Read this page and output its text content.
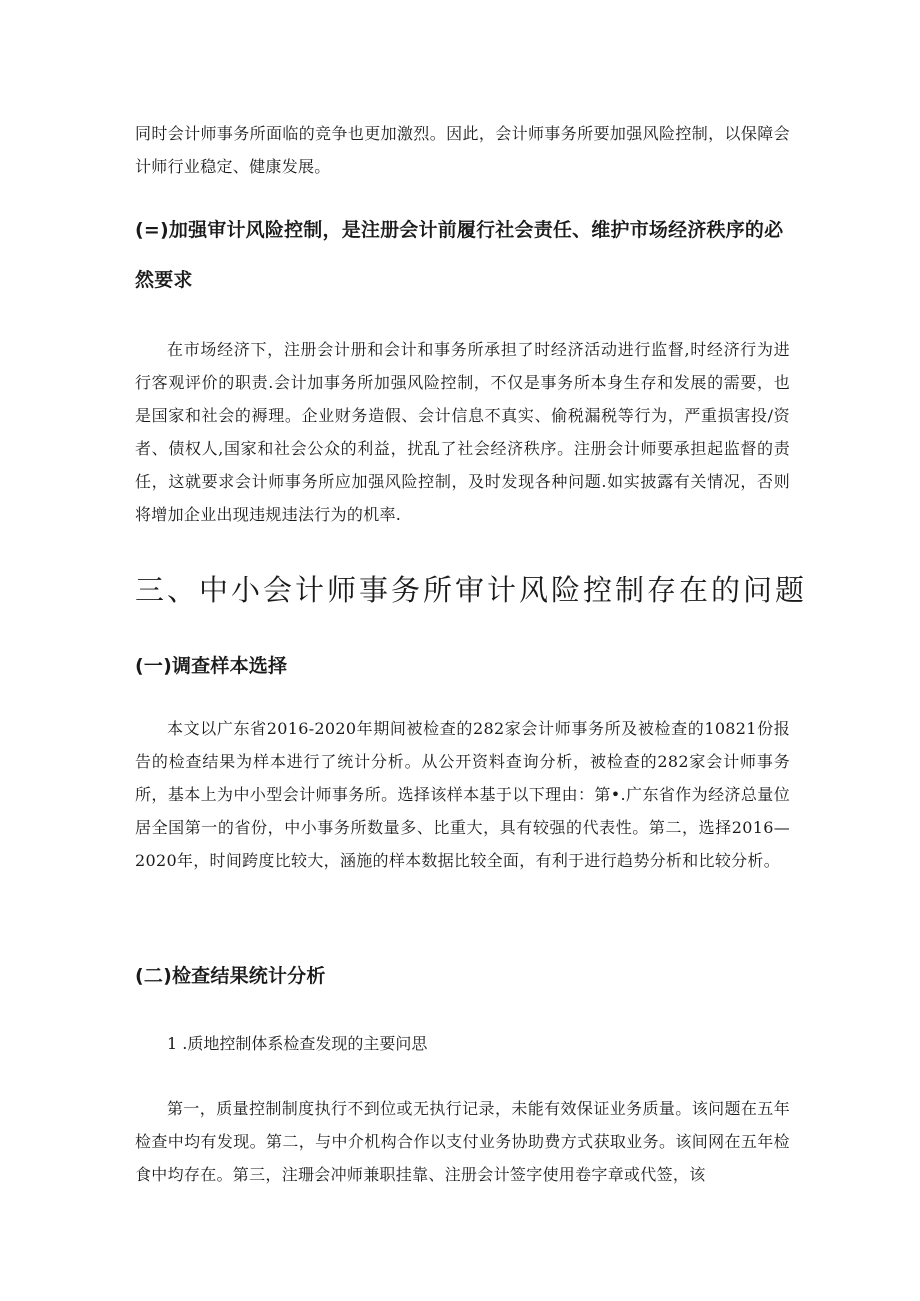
同时会计师事务所面临的竞争也更加激烈。因此，会计师事务所要加强风险控制，以保障会计师行业稳定、健康发展。

(=)加强审计风险控制，是注册会计前履行社会责任、维护市场经济秩序的必然要求

在市场经济下，注册会计册和会计和事务所承担了时经济活动进行监督,时经济行为进行客观评价的职责.会计加事务所加强风险控制，不仅是事务所本身生存和发展的需要，也是国家和社会的褥理。企业财务造假、会计信息不真实、偷税漏税等行为，严重损害投/资者、债权人,国家和社会公众的利益，扰乱了社会经济秩序。注册会计师要承担起监督的责任，这就要求会计师事务所应加强风险控制，及时发现各种问题.如实披露有关情况，否则将增加企业出现违规违法行为的机率.

三、中小会计师事务所审计风险控制存在的问题
(一)调查样本选择

本文以广东省2016-2020年期间被检查的282家会计师事务所及被检查的10821份报告的检查结果为样本进行了统计分析。从公开资料查询分析，被检查的282家会计师事务所，基本上为中小型会计师事务所。选择该样本基于以下理由：第•.广东省作为经济总量位居全国第一的省份，中小事务所数量多、比重大，具有较强的代表性。第二，选择2016—2020年，时间跨度比较大，涵施的样本数据比较全面，有利于进行趋势分析和比较分析。

(二)检查结果统计分析

1 .质地控制体系检查发现的主要问思

第一，质量控制制度执行不到位或无执行记录，未能有效保证业务质量。该问题在五年检查中均有发现。第二，与中介机构合作以支付业务协助费方式获取业务。该间网在五年检食中均存在。第三，注珊会冲师兼职挂靠、注册会计签字使用卷字章或代签，该
